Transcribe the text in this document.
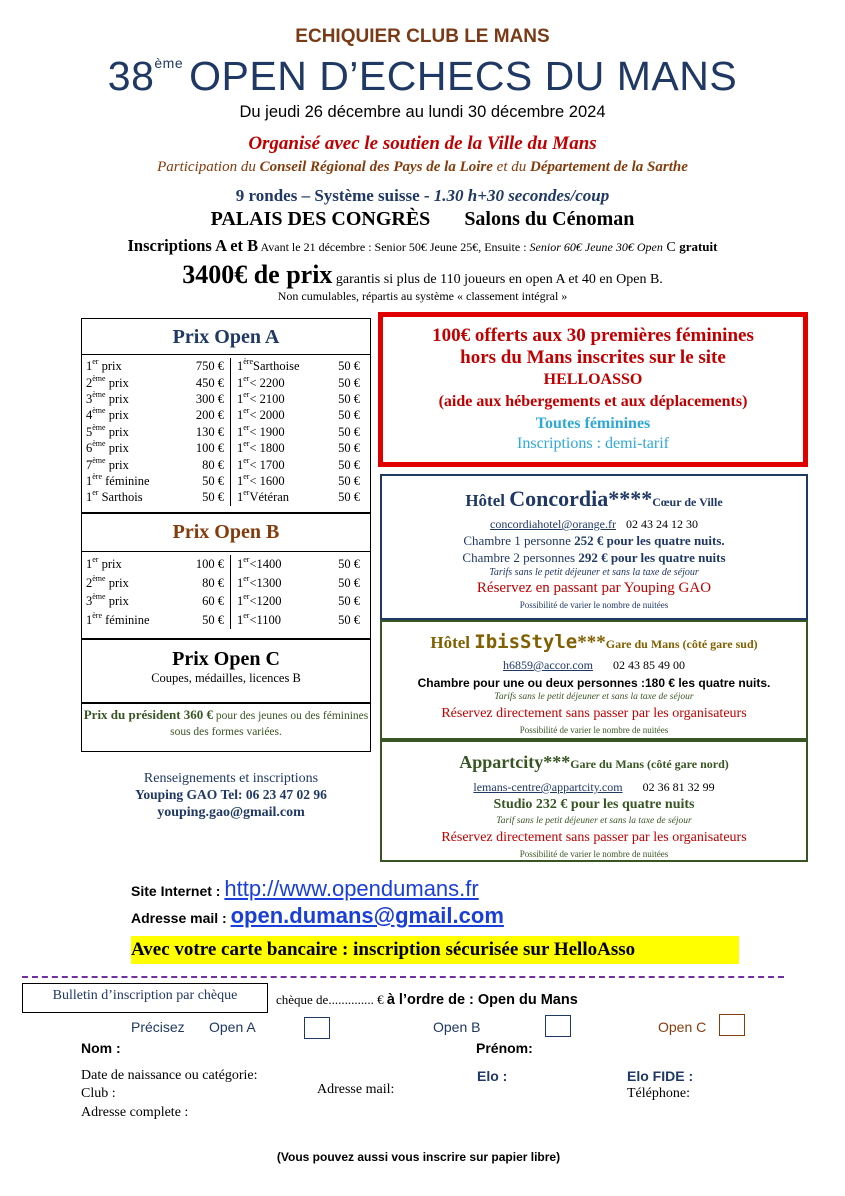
ECHIQUIER CLUB LE MANS
38ème OPEN D’ECHECS DU MANS
Du jeudi 26 décembre au lundi 30 décembre 2024
Organisé avec le soutien de la Ville du Mans
Participation du Conseil Régional des Pays de la Loire et du Département de la Sarthe
9 rondes – Système suisse - 1.30 h+30 secondes/coup
PALAIS DES CONGRÈS Salons du Cénoman
Inscriptions A et B Avant le 21 décembre : Senior 50€ Jeune 25€, Ensuite : Senior 60€ Jeune 30€ Open C gratuit
3400€ de prix garantis si plus de 110 joueurs en open A et 40 en Open B.
Non cumulables, répartis au système « classement intégral »
Prix Open A
1er prix	750 €	1èreSarthoise	50 €
2ème prix	450 €	1er< 2200	50 €
3ème prix	300 €	1er< 2100	50 €
4ème prix	200 €	1er< 2000	50 €
5ème prix	130 €	1er< 1900	50 €
6ème prix	100 €	1er< 1800	50 €
7ème prix	80 €	1er< 1700	50 €
1ère féminine	50 €	1er< 1600	50 €
1er Sarthois	50 €	1erVétéran	50 €
Prix Open B
1er prix	100 €	1er<1400	50 €
2ème prix	80 €	1er<1300	50 €
3ème prix	60 €	1er<1200	50 €
1ère féminine	50 €	1er<1100	50 €
Prix Open C
Coupes, médailles, licences B
Prix du président 360 € pour des jeunes ou des féminines sous des formes variées.
Renseignements et inscriptions
Youping GAO Tel: 06 23 47 02 96
youping.gao@gmail.com
100€ offerts aux 30 premières féminines
hors du Mans inscrites sur le site
HELLOASSO
(aide aux hébergements et aux déplacements)
Toutes féminines
Inscriptions : demi-tarif
Hôtel Concordia****Cœur de Ville
concordiahotel@orange.fr 02 43 24 12 30
Chambre 1 personne 252 € pour les quatre nuits.
Chambre 2 personnes 292 € pour les quatre nuits
Tarifs sans le petit déjeuner et sans la taxe de séjour
Réservez en passant par Youping GAO
Possibilité de varier le nombre de nuitées
Hôtel IbisStyle***Gare du Mans (côté gare sud)
h6859@accor.com 02 43 85 49 00
Chambre pour une ou deux personnes :180 € les quatre nuits.
Tarifs sans le petit déjeuner et sans la taxe de séjour
Réservez directement sans passer par les organisateurs
Possibilité de varier le nombre de nuitées
Appartcity***Gare du Mans (côté gare nord)
lemans-centre@appartcity.com 02 36 81 32 99
Studio 232 € pour les quatre nuits
Tarif sans le petit déjeuner et sans la taxe de séjour
Réservez directement sans passer par les organisateurs
Possibilité de varier le nombre de nuitées
Site Internet : http://www.opendumans.fr
Adresse mail : open.dumans@gmail.com
Avec votre carte bancaire : inscription sécurisée sur HelloAsso
Bulletin d’inscription par chèque	chèque de.............. € à l’ordre de : Open du Mans
Précisez Open A	Open B	Open C
Nom :	Prénom:
Date de naissance ou catégorie:
Club :
Adresse complete :
Adresse mail:
Elo :	Elo FIDE :
Téléphone:
(Vous pouvez aussi vous inscrire sur papier libre)
